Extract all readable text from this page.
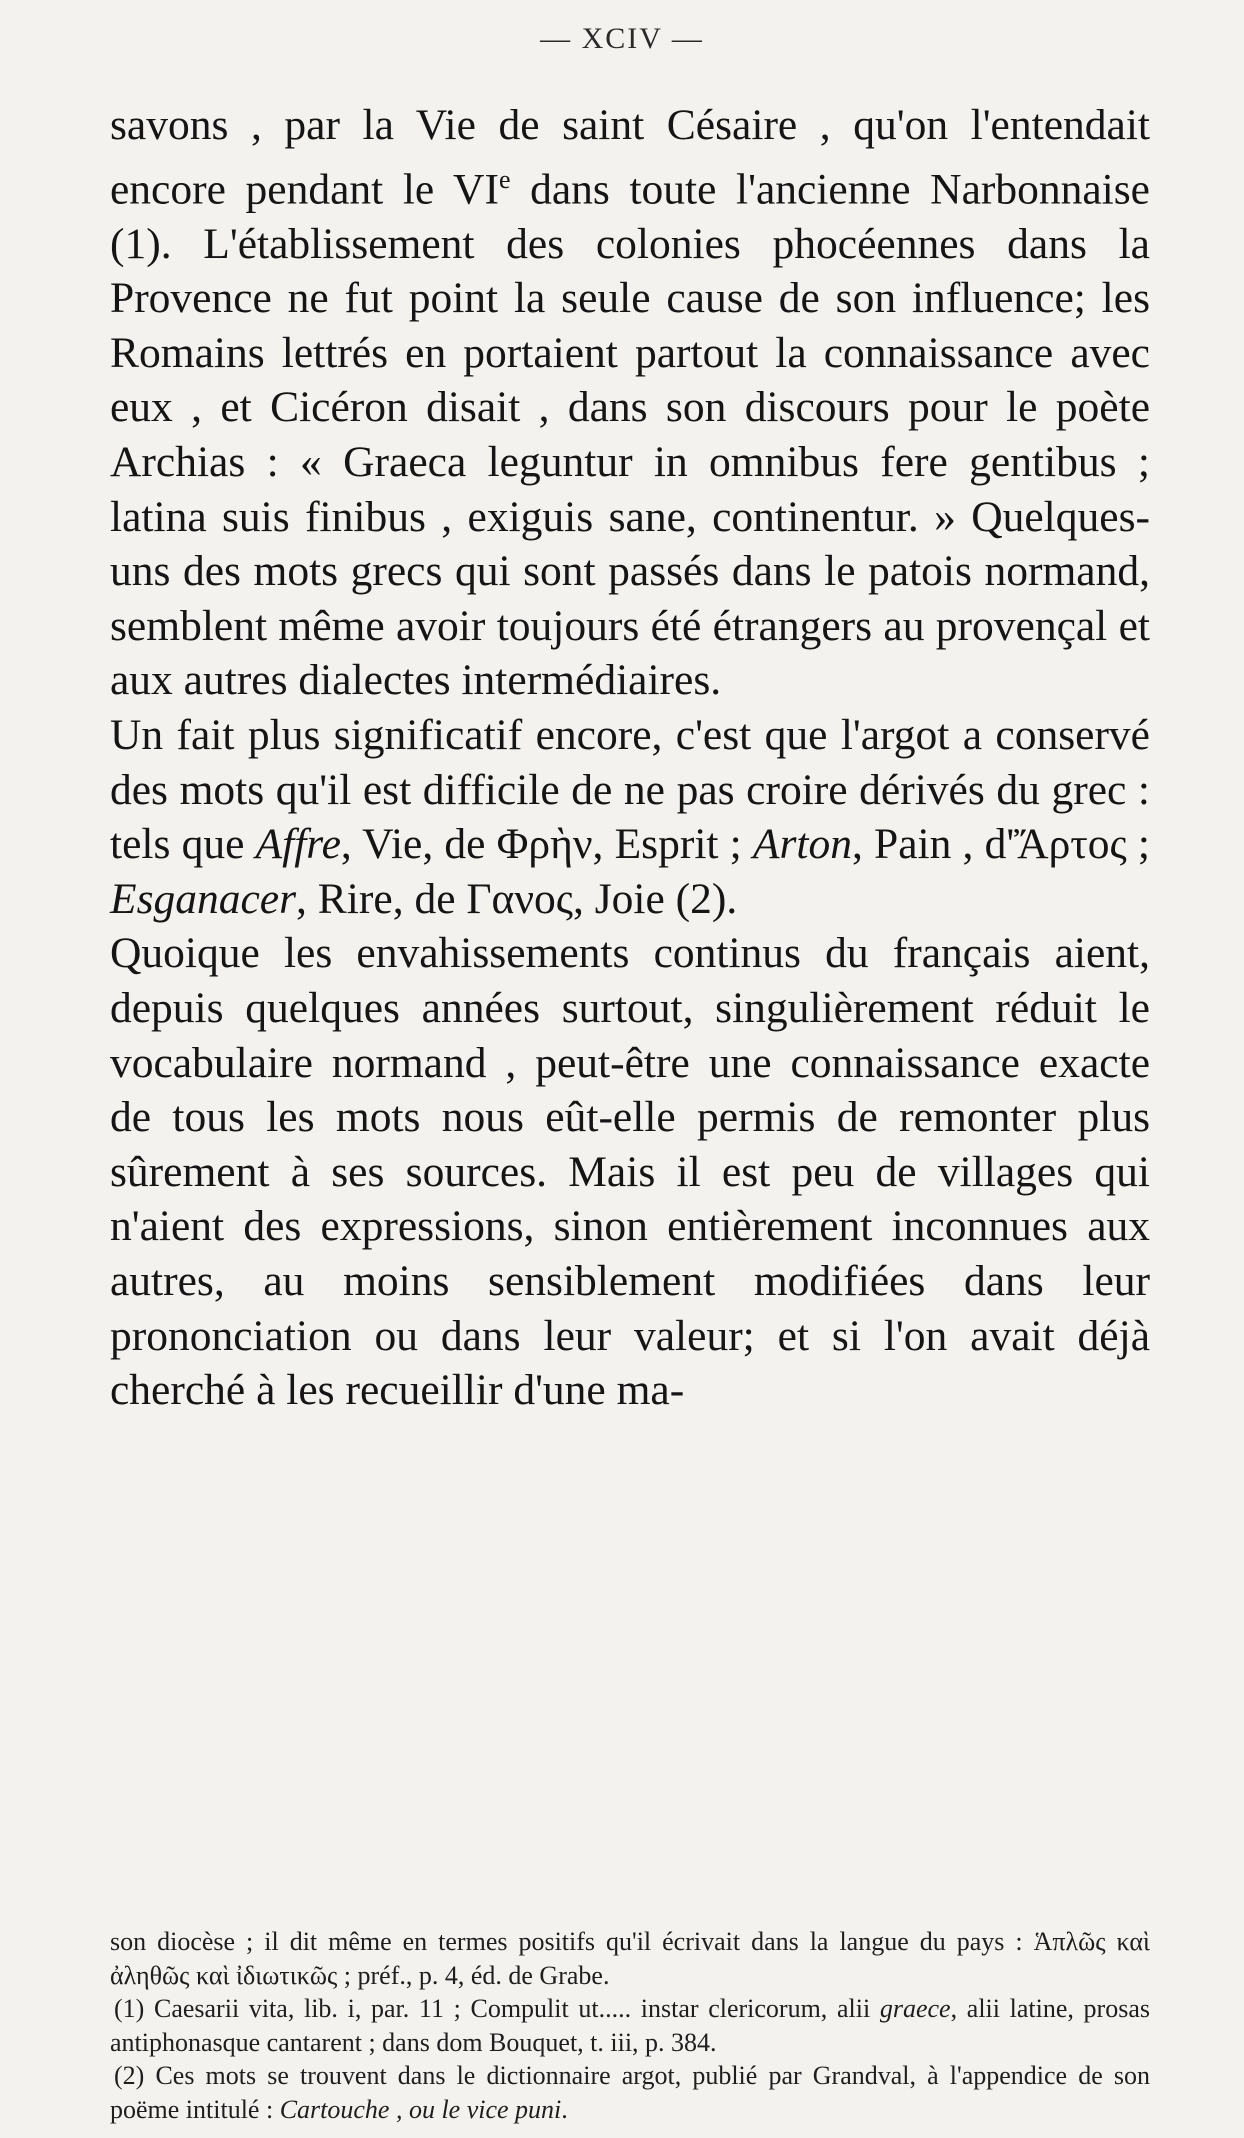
— XCIV —

savons , par la Vie de saint Césaire , qu'on l'entendait encore pendant le VIe dans toute l'ancienne Narbonnaise (1). L'établissement des colonies phocéennes dans la Provence ne fut point la seule cause de son influence; les Romains lettrés en portaient partout la connaissance avec eux , et Cicéron disait , dans son discours pour le poète Archias : « Graeca leguntur in omnibus fere gentibus ; latina suis finibus , exiguis sane, continentur. » Quelques-uns des mots grecs qui sont passés dans le patois normand, semblent même avoir toujours été étrangers au provençal et aux autres dialectes intermédiaires.

Un fait plus significatif encore, c'est que l'argot a conservé des mots qu'il est difficile de ne pas croire dérivés du grec : tels que Affre, Vie, de Φρὴν, Esprit ; Arton, Pain , d'Ἄρτος ; Esganacer, Rire, de Γανος, Joie (2).

Quoique les envahissements continus du français aient, depuis quelques années surtout, singulièrement réduit le vocabulaire normand , peut-être une connaissance exacte de tous les mots nous eût-elle permis de remonter plus sûrement à ses sources. Mais il est peu de villages qui n'aient des expressions, sinon entièrement inconnues aux autres, au moins sensiblement modifiées dans leur prononciation ou dans leur valeur; et si l'on avait déjà cherché à les recueillir d'une ma-

son diocèse ; il dit même en termes positifs qu'il écrivait dans la langue du pays : Ἁπλῶς καὶ ἀληθῶς καὶ ἰδιωτικῶς ; préf., p. 4, éd. de Grabe.

(1) Caesarii vita, lib. i, par. 11 ; Compulit ut..... instar clericorum, alii graece, alii latine, prosas antiphonasque cantarent ; dans dom Bouquet, t. iii, p. 384.

(2) Ces mots se trouvent dans le dictionnaire argot, publié par Grandval, à l'appendice de son poëme intitulé : Cartouche , ou le vice puni.
